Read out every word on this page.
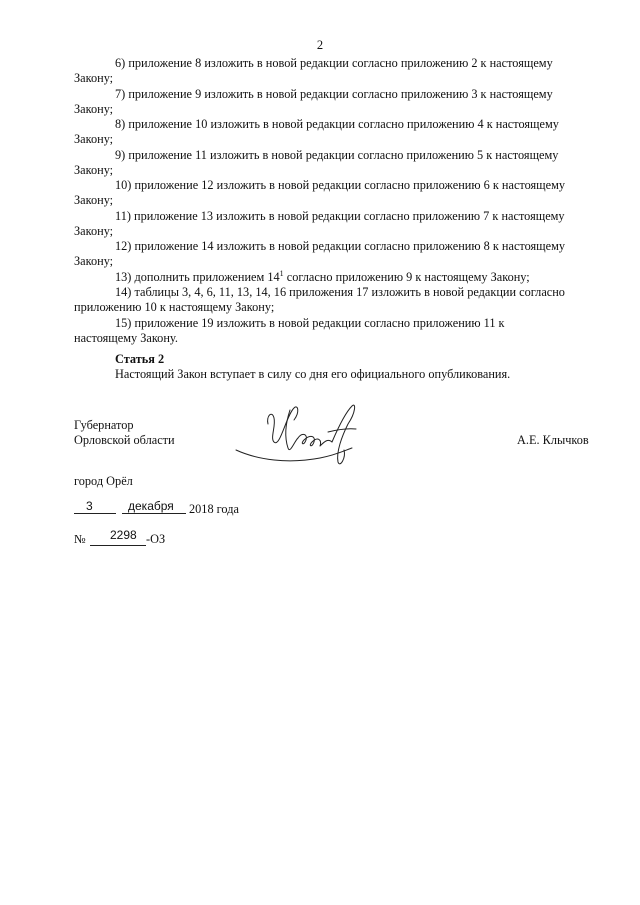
2
6) приложение 8 изложить в новой редакции согласно приложению 2 к настоящему
Закону;
7) приложение 9 изложить в новой редакции согласно приложению 3 к настоящему
Закону;
8) приложение 10 изложить в новой редакции согласно приложению 4 к настоящему
Закону;
9) приложение 11 изложить в новой редакции согласно приложению 5 к настоящему
Закону;
10) приложение 12 изложить в новой редакции согласно приложению 6 к настоящему
Закону;
11) приложение 13 изложить в новой редакции согласно приложению 7 к настоящему
Закону;
12) приложение 14 изложить в новой редакции согласно приложению 8 к настоящему
Закону;
13) дополнить приложением $14^1$ согласно приложению 9 к настоящему Закону;
14) таблицы 3, 4, 6, 11, 13, 14, 16 приложения 17 изложить в новой редакции согласно
приложению 10 к настоящему Закону;
15) приложение 19 изложить в новой редакции согласно приложению 11 к
настоящему Закону.
Статья 2
Настоящий Закон вступает в силу со дня его официального опубликования.
Губернатор
Орловской области	А.Е. Клычков
город Орёл
3	декабря 2018 года
№ 2298 -ОЗ
